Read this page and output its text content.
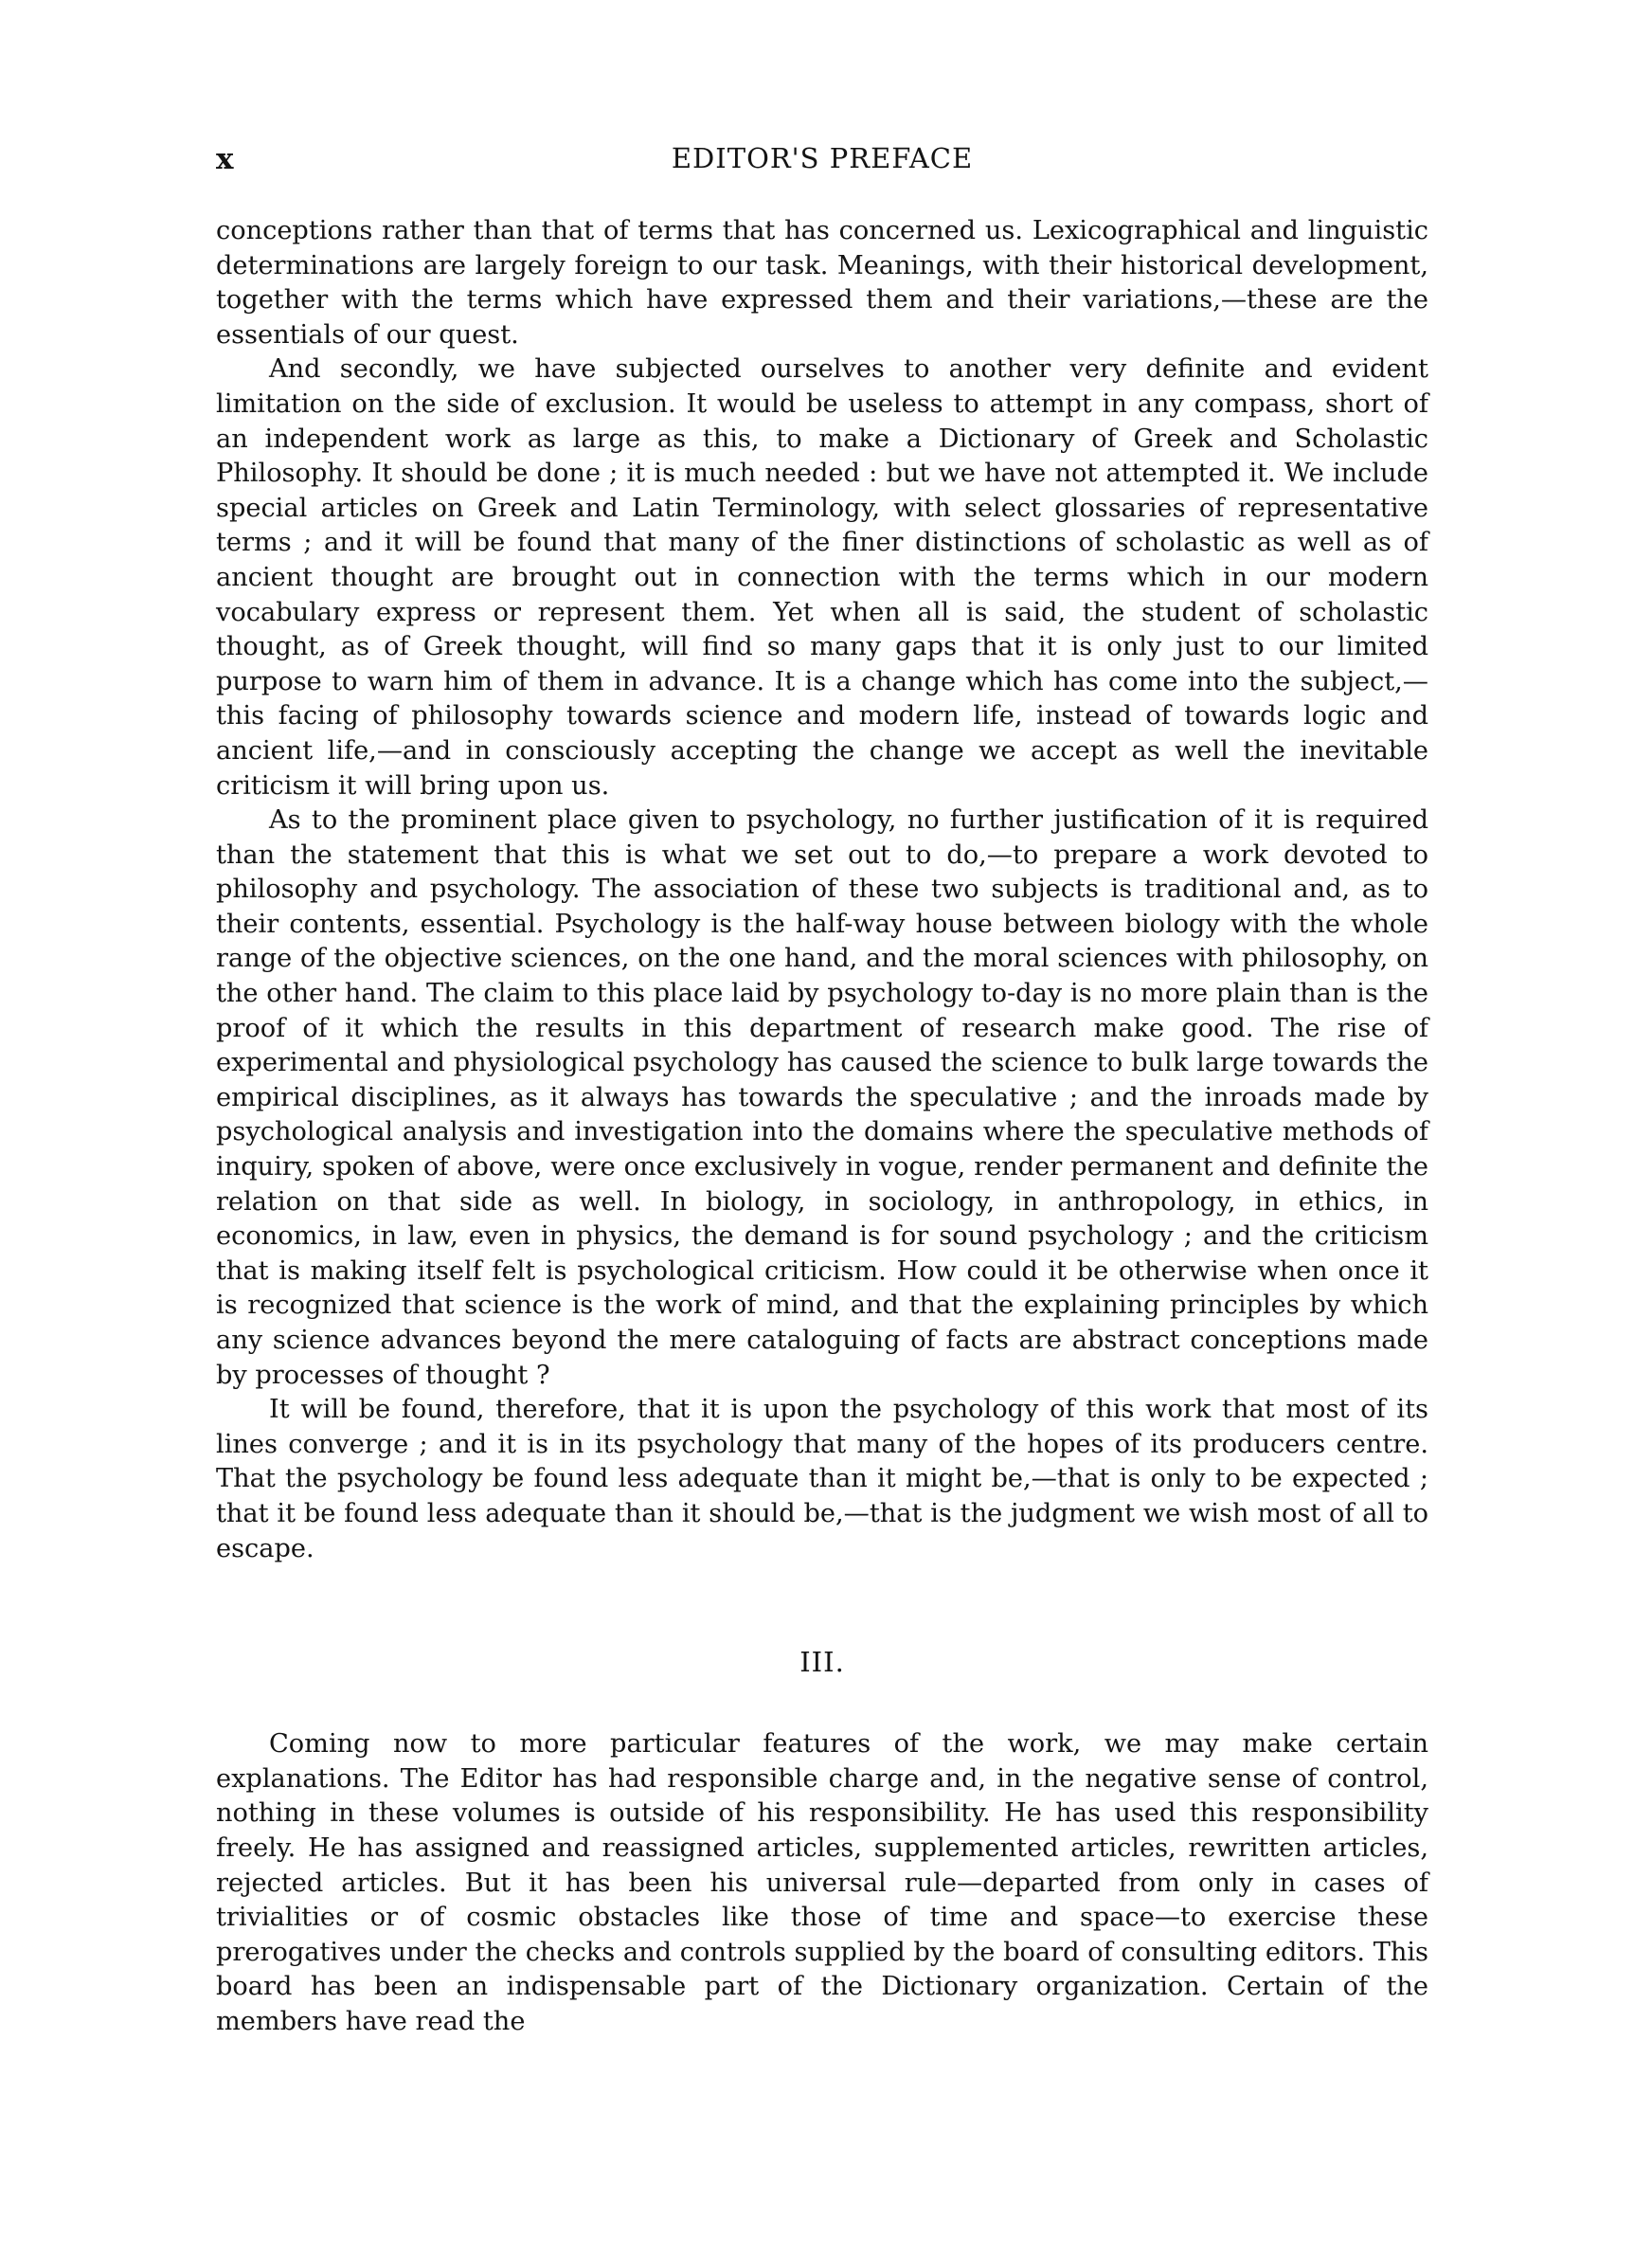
x	EDITOR'S PREFACE

conceptions rather than that of terms that has concerned us. Lexicographical and linguistic determinations are largely foreign to our task. Meanings, with their historical development, together with the terms which have expressed them and their variations,—these are the essentials of our quest.

And secondly, we have subjected ourselves to another very definite and evident limitation on the side of exclusion. It would be useless to attempt in any compass, short of an independent work as large as this, to make a Dictionary of Greek and Scholastic Philosophy. It should be done ; it is much needed : but we have not attempted it. We include special articles on Greek and Latin Terminology, with select glossaries of representative terms ; and it will be found that many of the finer distinctions of scholastic as well as of ancient thought are brought out in connection with the terms which in our modern vocabulary express or represent them. Yet when all is said, the student of scholastic thought, as of Greek thought, will find so many gaps that it is only just to our limited purpose to warn him of them in advance. It is a change which has come into the subject,—this facing of philosophy towards science and modern life, instead of towards logic and ancient life,—and in consciously accepting the change we accept as well the inevitable criticism it will bring upon us.

As to the prominent place given to psychology, no further justification of it is required than the statement that this is what we set out to do,—to prepare a work devoted to philosophy and psychology. The association of these two subjects is traditional and, as to their contents, essential. Psychology is the half-way house between biology with the whole range of the objective sciences, on the one hand, and the moral sciences with philosophy, on the other hand. The claim to this place laid by psychology to-day is no more plain than is the proof of it which the results in this department of research make good. The rise of experimental and physiological psychology has caused the science to bulk large towards the empirical disciplines, as it always has towards the speculative ; and the inroads made by psychological analysis and investigation into the domains where the speculative methods of inquiry, spoken of above, were once exclusively in vogue, render permanent and definite the relation on that side as well. In biology, in sociology, in anthropology, in ethics, in economics, in law, even in physics, the demand is for sound psychology ; and the criticism that is making itself felt is psychological criticism. How could it be otherwise when once it is recognized that science is the work of mind, and that the explaining principles by which any science advances beyond the mere cataloguing of facts are abstract conceptions made by processes of thought ?

It will be found, therefore, that it is upon the psychology of this work that most of its lines converge ; and it is in its psychology that many of the hopes of its producers centre. That the psychology be found less adequate than it might be,—that is only to be expected ; that it be found less adequate than it should be,—that is the judgment we wish most of all to escape.

III.

Coming now to more particular features of the work, we may make certain explanations. The Editor has had responsible charge and, in the negative sense of control, nothing in these volumes is outside of his responsibility. He has used this responsibility freely. He has assigned and reassigned articles, supplemented articles, rewritten articles, rejected articles. But it has been his universal rule—departed from only in cases of trivialities or of cosmic obstacles like those of time and space—to exercise these prerogatives under the checks and controls supplied by the board of consulting editors. This board has been an indispensable part of the Dictionary organization. Certain of the members have read the
